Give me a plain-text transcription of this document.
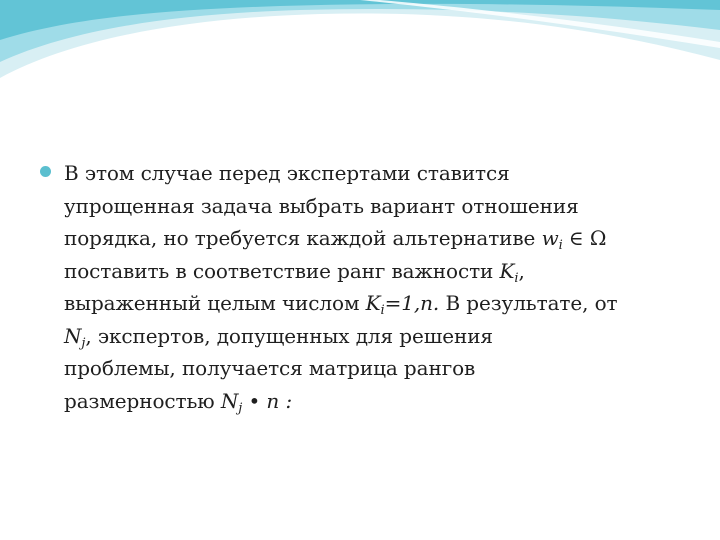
В этом случае перед экспертами ставится
упрощенная задача выбрать вариант отношения
порядка, но требуется каждой альтернативе $w_i$ ∈ Ω
поставить в соответствие ранг важности $K_i$,
выраженный целым числом $K_i=1,n$. В результате, от
$N_j$, экспертов, допущенных для решения
проблемы, получается матрица рангов
размерностью $N_j$ • n :
